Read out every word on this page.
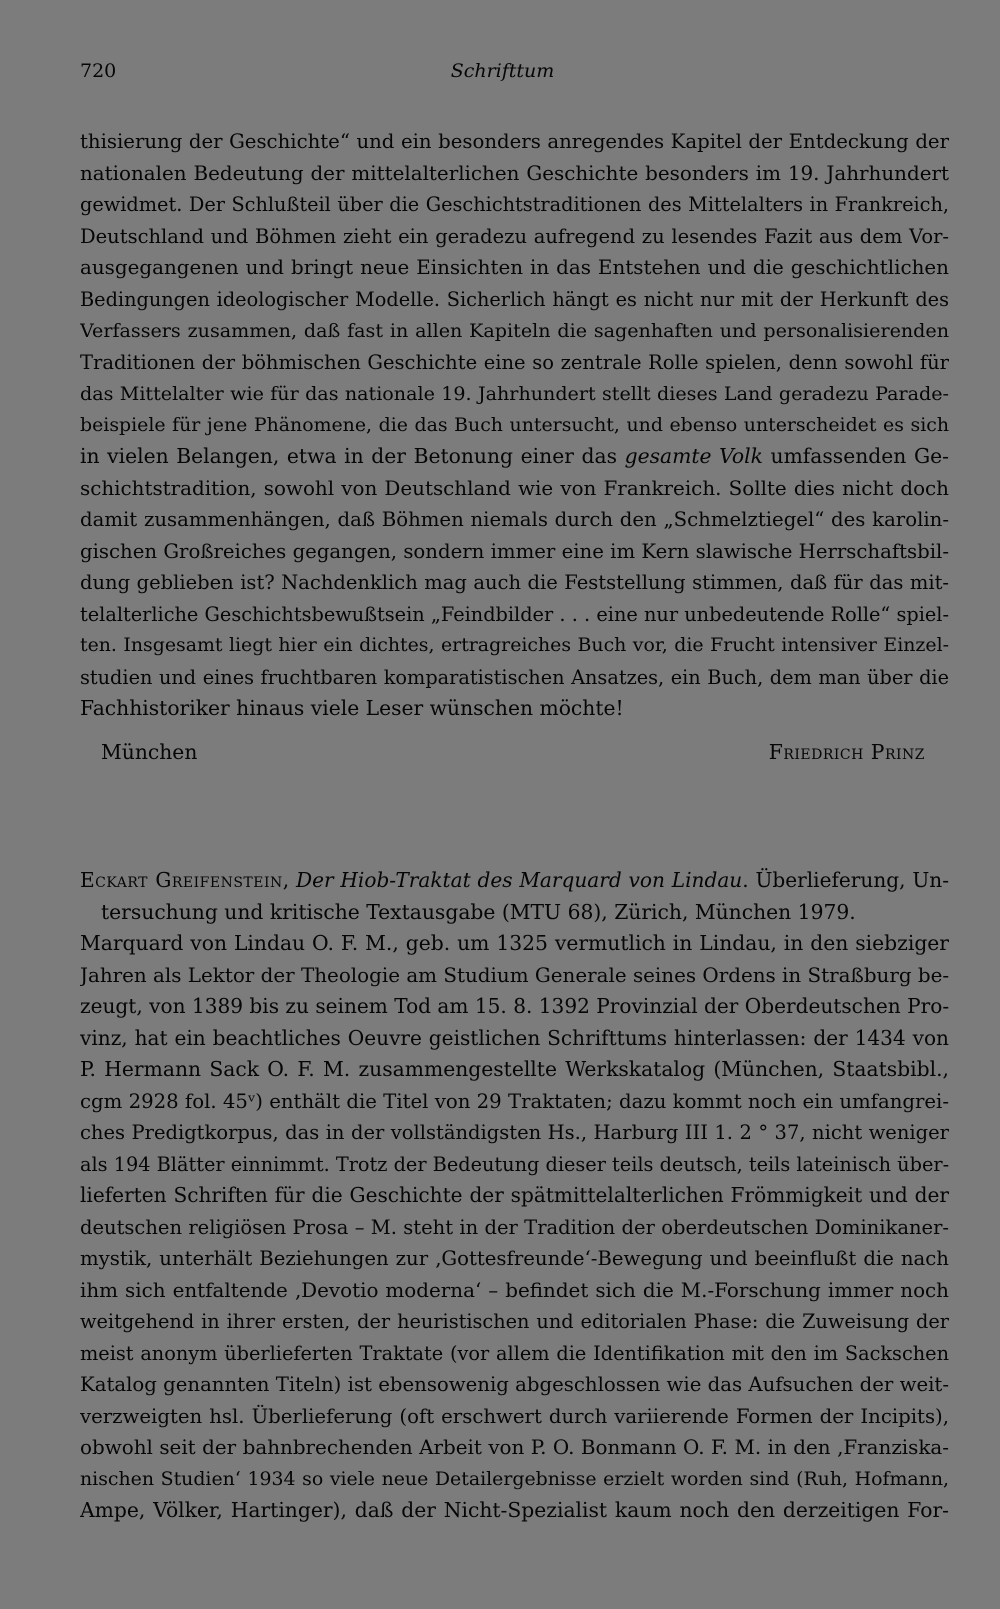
720	Schrifttum
thisierung der Geschichte“ und ein besonders anregendes Kapitel der Entdeckung der
nationalen Bedeutung der mittelalterlichen Geschichte besonders im 19. Jahrhundert
gewidmet. Der Schlußteil über die Geschichtstraditionen des Mittelalters in Frankreich,
Deutschland und Böhmen zieht ein geradezu aufregend zu lesendes Fazit aus dem Vor-
ausgegangenen und bringt neue Einsichten in das Entstehen und die geschichtlichen
Bedingungen ideologischer Modelle. Sicherlich hängt es nicht nur mit der Herkunft des
Verfassers zusammen, daß fast in allen Kapiteln die sagenhaften und personalisierenden
Traditionen der böhmischen Geschichte eine so zentrale Rolle spielen, denn sowohl für
das Mittelalter wie für das nationale 19. Jahrhundert stellt dieses Land geradezu Parade-
beispiele für jene Phänomene, die das Buch untersucht, und ebenso unterscheidet es sich
in vielen Belangen, etwa in der Betonung einer das gesamte Volk umfassenden Ge-
schichtstradition, sowohl von Deutschland wie von Frankreich. Sollte dies nicht doch
damit zusammenhängen, daß Böhmen niemals durch den „Schmelztiegel“ des karolin-
gischen Großreiches gegangen, sondern immer eine im Kern slawische Herrschaftsbil-
dung geblieben ist? Nachdenklich mag auch die Feststellung stimmen, daß für das mit-
telalterliche Geschichtsbewußtsein „Feindbilder . . . eine nur unbedeutende Rolle“ spiel-
ten. Insgesamt liegt hier ein dichtes, ertragreiches Buch vor, die Frucht intensiver Einzel-
studien und eines fruchtbaren komparatistischen Ansatzes, ein Buch, dem man über die
Fachhistoriker hinaus viele Leser wünschen möchte!
München	Friedrich Prinz
Eckart Greifenstein, Der Hiob-Traktat des Marquard von Lindau. Überlieferung, Un-
tersuchung und kritische Textausgabe (MTU 68), Zürich, München 1979.
Marquard von Lindau O. F. M., geb. um 1325 vermutlich in Lindau, in den siebziger
Jahren als Lektor der Theologie am Studium Generale seines Ordens in Straßburg be-
zeugt, von 1389 bis zu seinem Tod am 15. 8. 1392 Provinzial der Oberdeutschen Pro-
vinz, hat ein beachtliches Oeuvre geistlichen Schrifttums hinterlassen: der 1434 von
P. Hermann Sack O. F. M. zusammengestellte Werkskatalog (München, Staatsbibl.,
cgm 2928 fol. 45ᵛ) enthält die Titel von 29 Traktaten; dazu kommt noch ein umfangrei-
ches Predigtkorpus, das in der vollständigsten Hs., Harburg III 1. 2 ° 37, nicht weniger
als 194 Blätter einnimmt. Trotz der Bedeutung dieser teils deutsch, teils lateinisch über-
lieferten Schriften für die Geschichte der spätmittelalterlichen Frömmigkeit und der
deutschen religiösen Prosa – M. steht in der Tradition der oberdeutschen Dominikaner-
mystik, unterhält Beziehungen zur ‚Gottesfreunde‘-Bewegung und beeinflußt die nach
ihm sich entfaltende ‚Devotio moderna‘ – befindet sich die M.-Forschung immer noch
weitgehend in ihrer ersten, der heuristischen und editorialen Phase: die Zuweisung der
meist anonym überlieferten Traktate (vor allem die Identifikation mit den im Sackschen
Katalog genannten Titeln) ist ebensowenig abgeschlossen wie das Aufsuchen der weit-
verzweigten hsl. Überlieferung (oft erschwert durch variierende Formen der Incipits),
obwohl seit der bahnbrechenden Arbeit von P. O. Bonmann O. F. M. in den ‚Franziska-
nischen Studien‘ 1934 so viele neue Detailergebnisse erzielt worden sind (Ruh, Hofmann,
Ampe, Völker, Hartinger), daß der Nicht-Spezialist kaum noch den derzeitigen For-
